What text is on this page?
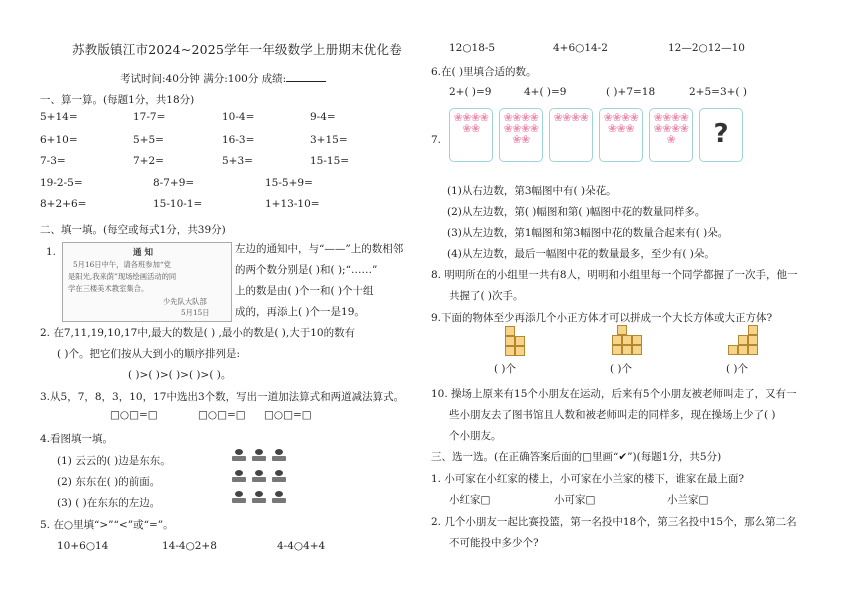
苏教版镇江市2024~2025学年一年级数学上册期末优化卷
考试时间:40分钟 满分:100分 成绩:
一、算一算。(每题1分，共18分)
5+14=	17-7=	10-4=	9-4=
6+10=	5+5=	16-3=	3+15=
7-3=	7+2=	5+3=	15-15=
19-2-5=	8-7+9=	15-5+9=
8+2+6=	15-10-1=	1+13-10=
二、填一填。(每空或每式1分，共39分)
1.	通 知
5月16日中午，请各班参加“党
是阳光,我来荫”现场绘画活动的同
学在三楼美术教室集合。
少先队大队部
5月15日
左边的通知中，与“——”上的数相邻
的两个数分别是( )和( );“……”
上的数是由( )个一和( )个十组
成的，再添上( )个一是19。
2. 在7,11,19,10,17中,最大的数是( ) ,最小的数是( ),大于10的数有
( )个。把它们按从大到小的顺序排列是:
( )>( )>( )>( )>( )。
3.从5，7，8，3，10，17中选出3个数，写出一道加法算式和两道减法算式。
□○□=□	□○□=□ □○□=□
4.看图填一填。
(1) 云云的( )边是东东。
(2) 东东在( )的前面。
(3) ( )在东东的左边。
5. 在○里填“>”“<”或“=”。
10+6○14	14-4○2+8	4-4○4+4
12○18-5	4+6○14-2	12—2○12—10
6.在( )里填合适的数。
2+( )=9	4+( )=9	( )+7=18	2+5=3+( )
7.
❀❀❀❀❀❀
❀❀❀❀❀❀❀❀❀❀
❀❀❀❀ ❀❀❀❀❀❀❀
❀❀❀❀❀❀❀❀❀	?
(1)从右边数，第3幅图中有( )朵花。
(2)从左边数，第( )幅图和第( )幅图中花的数量同样多。
(3)从左边数，第1幅图和第3幅图中花的数量合起来有( )朵。
(4)从左边数，最后一幅图中花的数量最多，至少有( )朵。
8. 明明所在的小组里一共有8人，明明和小组里每一个同学都握了一次手，他一
共握了( )次手。
9.下面的物体至少再添几个小正方体才可以拼成一个大长方体或大正方体?
( )个	( )个	( )个
10. 操场上原来有15个小朋友在运动，后来有5个小朋友被老师叫走了，又有一
些小朋友去了图书馆且人数和被老师叫走的同样多，现在操场上少了( )
个小朋友。
三、选一选。(在正确答案后面的□里画“✔”)(每题1分，共5分)
1. 小可家在小红家的楼上，小可家在小兰家的楼下，谁家在最上面?
小红家□	小可家□	小兰家□
2. 几个小朋友一起比赛投篮，第一名投中18个，第三名投中15个，那么第二名
不可能投中多少个?
